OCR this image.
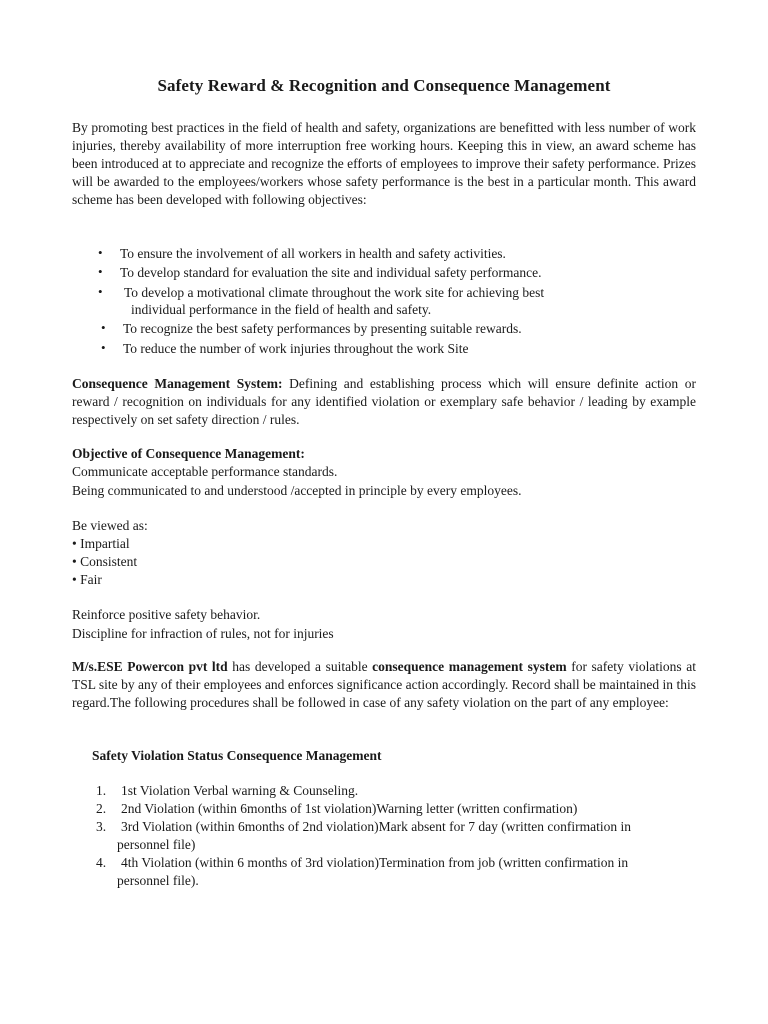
Safety Reward & Recognition and Consequence Management

By promoting best practices in the field of health and safety, organizations are benefitted with less number of work injuries, thereby availability of more interruption free working hours. Keeping this in view, an award scheme has been introduced at to appreciate and recognize the efforts of employees to improve their safety performance. Prizes will be awarded to the employees/workers whose safety performance is the best in a particular month. This award scheme has been developed with following objectives:

• To ensure the involvement of all workers in health and safety activities.
• To develop standard for evaluation the site and individual safety performance.
• To develop a motivational climate throughout the work site for achieving best
individual performance in the field of health and safety.
• To recognize the best safety performances by presenting suitable rewards.
• To reduce the number of work injuries throughout the work Site

Consequence Management System: Defining and establishing process which will ensure definite action or reward / recognition on individuals for any identified violation or exemplary safe behavior / leading by example respectively on set safety direction / rules.

Objective of Consequence Management:
Communicate acceptable performance standards.
Being communicated to and understood /accepted in principle by every employees.
Be viewed as:
• Impartial
• Consistent
• Fair
Reinforce positive safety behavior.
Discipline for infraction of rules, not for injuries

M/s.ESE Powercon pvt ltd has developed a suitable consequence management system for safety violations at TSL site by any of their employees and enforces significance action accordingly. Record shall be maintained in this regard.The following procedures shall be followed in case of any safety violation on the part of any employee:

Safety Violation Status Consequence Management
1. 1st Violation Verbal warning & Counseling.
2. 2nd Violation (within 6months of 1st violation)Warning letter (written confirmation)
3. 3rd Violation (within 6months of 2nd violation)Mark absent for 7 day (written confirmation in
personnel file)
4. 4th Violation (within 6 months of 3rd violation)Termination from job (written confirmation in
personnel file).
